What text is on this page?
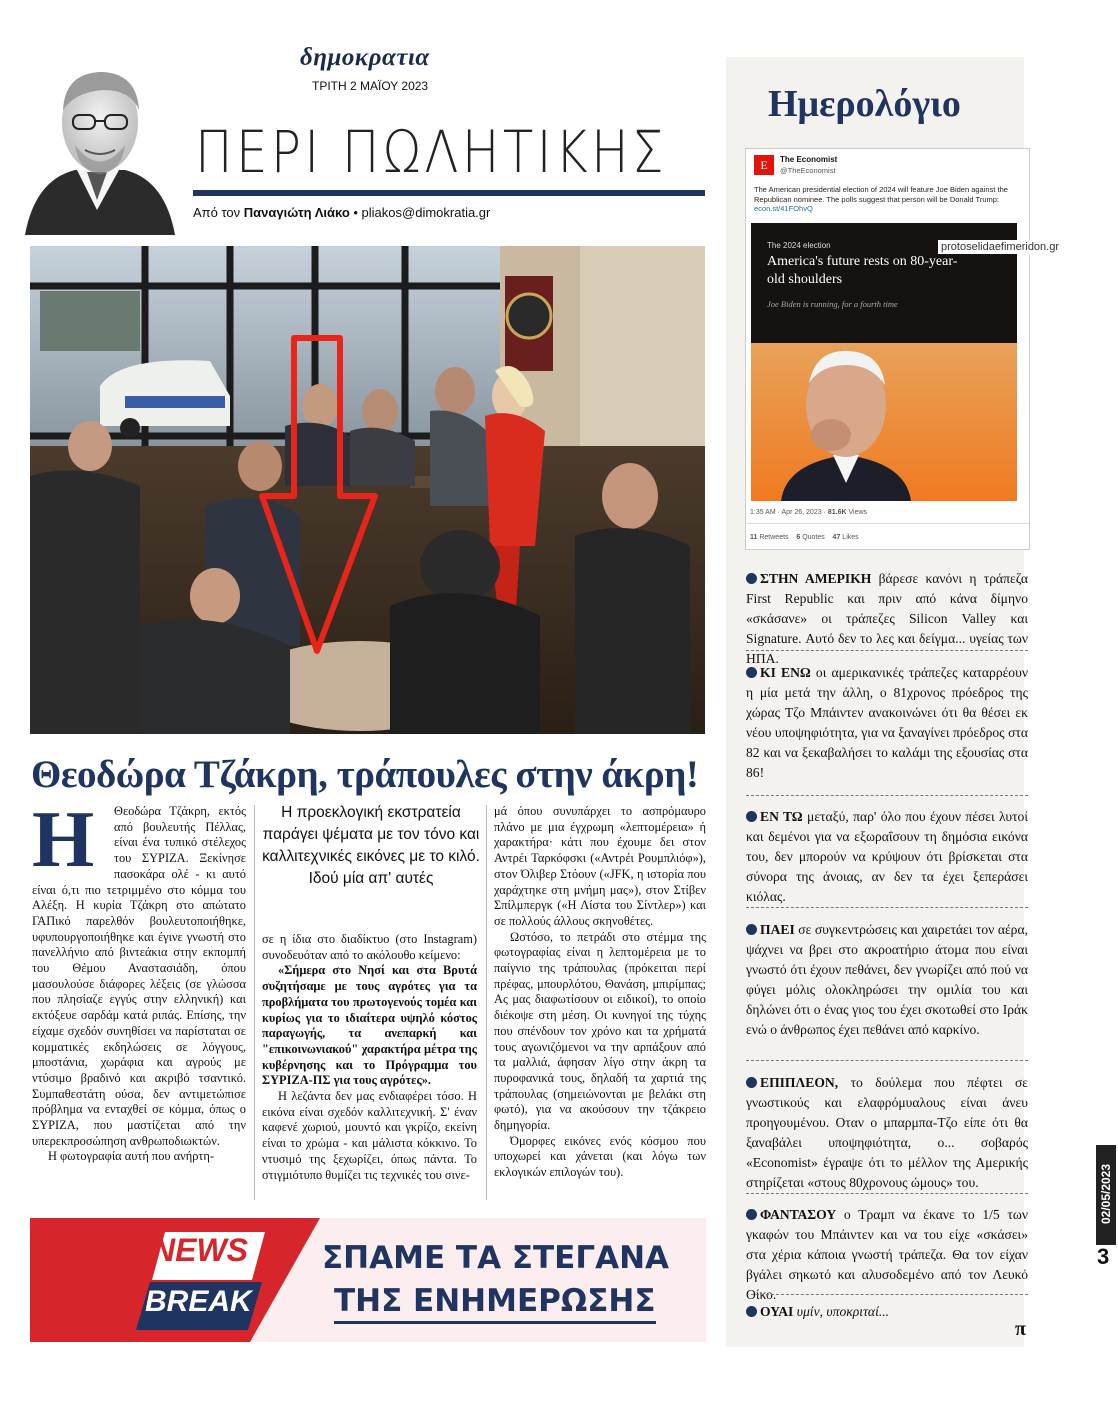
δημοκρατια
ΤΡΙΤΗ 2 ΜΑΪΟΥ 2023
ΠΕΡΙ ΠΩΛΗΤΙΚΗΣ
Από τον Παναγιώτη Λιάκο • pliakos@dimokratia.gr
Θεοδώρα Τζάκρη, τράπουλες στην άκρη!
Η	Θεοδώρα Τζάκρη, εκτός από βουλευτής Πέλλας, είναι ένα τυπικό στέλεχος του ΣΥΡΙΖΑ. Ξεκίνησε πασοκάρα ολέ - κι αυτό είναι ό,τι πιο τετριμμένο στο κόμμα του Αλέξη. Η κυρία Τζάκρη στο απώτατο ΓΑΠικό παρελθόν βουλευτοποιήθηκε, υφυπουργοποιήθηκε και έγινε γνωστή στο πανελλήνιο από βιντεάκια στην εκπομπή του Θέμου Αναστασιάδη, όπου μασουλούσε διάφορες λέξεις (σε γλώσσα που πλησίαζε εγγύς στην ελληνική) και εκτόξευε σαρδάμ κατά ριπάς. Επίσης, την είχαμε σχεδόν συνηθίσει να παρίσταται σε κομματικές εκδηλώσεις σε λόγγους, μποστάνια, χωράφια και αγρούς με ντύσιμο βραδινό και ακριβό τσαντικό. Συμπαθεστάτη ούσα, δεν αντιμετώπισε πρόβλημα να ενταχθεί σε κόμμα, όπως ο ΣΥΡΙΖΑ, που μαστίζεται από την υπερεκπροσώπηση ανθρωποδιωκτών.

Η φωτογραφία αυτή που ανήρτη-

Η προεκλογική εκστρατεία παράγει ψέματα με τον τόνο και καλλιτεχνικές εικόνες με το κιλό. Ιδού μία απ' αυτές

σε η ίδια στο διαδίκτυο (στο Instagram) συνοδευόταν από το ακόλουθο κείμενο:

«Σήμερα στο Νησί και στα Βρυτά συζητήσαμε με τους αγρότες για τα προβλήματα του πρωτογενούς τομέα και κυρίως για το ιδιαίτερα υψηλό κόστος παραγωγής, τα ανεπαρκή και "επικοινωνιακού" χαρακτήρα μέτρα της κυβέρνησης και το Πρόγραμμα του ΣΥΡΙΖΑ-ΠΣ για τους αγρότες».

Η λεζάντα δεν μας ενδιαφέρει τόσο. Η εικόνα είναι σχεδόν καλλιτεχνική. Σ' έναν καφενέ χωριού, μουντό και γκρίζο, εκείνη είναι το χρώμα - και μάλιστα κόκκινο. Το ντυσιμό της ξεχωρίζει, όπως πάντα. Το στιγμιότυπο θυμίζει τις τεχνικές του σινε-

μά όπου συνυπάρχει το ασπρόμαυρο πλάνο με μια έγχρωμη «λεπτομέρεια» ή χαρακτήρα· κάτι που έχουμε δει στον Αντρέι Ταρκόφσκι («Αντρέι Ρουμπλιόφ»), στον Όλιβερ Στόουν («JFK, η ιστορία που χαράχτηκε στη μνήμη μας»), στον Στίβεν Σπίλμπεργκ («Η Λίστα του Σίντλερ») και σε πολλούς άλλους σκηνοθέτες.

Ωστόσο, το πετράδι στο στέμμα της φωτογραφίας είναι η λεπτομέρεια με το παίγνιο της τράπουλας (πρόκειται περί πρέφας, μπουρλότου, Θανάση, μπιρίμπας; Ας μας διαφωτίσουν οι ειδικοί), το οποίο διέκοψε στη μέση. Οι κυνηγοί της τύχης που σπένδουν τον χρόνο και τα χρήματά τους αγωνιζόμενοι να την αρπάξουν από τα μαλλιά, άφησαν λίγο στην άκρη τα πυροφανικά τους, δηλαδή τα χαρτιά της τράπουλας (σημειώνονται με βελάκι στη φωτό), για να ακούσουν την τζάκρειο δημηγορία.

Όμορφες εικόνες ενός κόσμου που υποχωρεί και χάνεται (και λόγω των εκλογικών επιλογών του).

NEWS
BREAK
ΣΠΑΜΕ ΤΑ ΣΤΕΓΑΝΑ
ΤΗΣ ΕΝΗΜΕΡΩΣΗΣ
Ημερολόγιο
E	The Economist
@TheEconomist
The American presidential election of 2024 will feature Joe Biden against the Republican nominee. The polls suggest that person will be Donald Trump: econ.st/41FOhvQ
The 2024 election
America's future rests on 80-year-old shoulders
Joe Biden is running, for a fourth time
1:35 AM · Apr 26, 2023 · 81.6K Views
11 Retweets 6 Quotes 47 Likes
protoselidaefimeridon.gr
ΣΤΗΝ ΑΜΕΡΙΚΗ βάρεσε κανόνι η τράπεζα First Republic και πριν από κάνα δίμηνο «σκάσανε» οι τράπεζες Silicon Valley και Signature. Αυτό δεν το λες και δείγμα... υγείας των ΗΠΑ.
ΚΙ ΕΝΩ οι αμερικανικές τράπεζες καταρρέουν η μία μετά την άλλη, ο 81χρονος πρόεδρος της χώρας Τζο Μπάιντεν ανακοινώνει ότι θα θέσει εκ νέου υποψηφιότητα, για να ξαναγίνει πρόεδρος στα 82 και να ξεκαβαλήσει το καλάμι της εξουσίας στα 86!
ΕΝ ΤΩ μεταξύ, παρ' όλο που έχουν πέσει λυτοί και δεμένοι για να εξωραΐσουν τη δημόσια εικόνα του, δεν μπορούν να κρύψουν ότι βρίσκεται στα σύνορα της άνοιας, αν δεν τα έχει ξεπεράσει κιόλας.
ΠΑΕΙ σε συγκεντρώσεις και χαιρετάει τον αέρα, ψάχνει να βρει στο ακροατήριο άτομα που είναι γνωστό ότι έχουν πεθάνει, δεν γνωρίζει από πού να φύγει μόλις ολοκληρώσει την ομιλία του και δηλώνει ότι ο ένας γιος του έχει σκοτωθεί στο Ιράκ ενώ ο άνθρωπος έχει πεθάνει από καρκίνο.
ΕΠΙΠΛΕΟΝ, το δούλεμα που πέφτει σε γνωστικούς και ελαφρόμυαλους είναι άνευ προηγουμένου. Οταν ο μπαρμπα-Τζο είπε ότι θα ξαναβάλει υποψηφιότητα, ο... σοβαρός «Economist» έγραψε ότι το μέλλον της Αμερικής στηρίζεται «στους 80χρονους ώμους» του.
ΦΑΝΤΑΣΟΥ ο Τραμπ να έκανε το 1/5 των γκαφών του Μπάιντεν και να του είχε «σκάσει» στα χέρια κάποια γνωστή τράπεζα. Θα τον είχαν βγάλει σηκωτό και αλυσοδεμένο από τον Λευκό Οίκο.
ΟΥΑΙ υμίν, υποκριταί...
π
02/05/2023
3
